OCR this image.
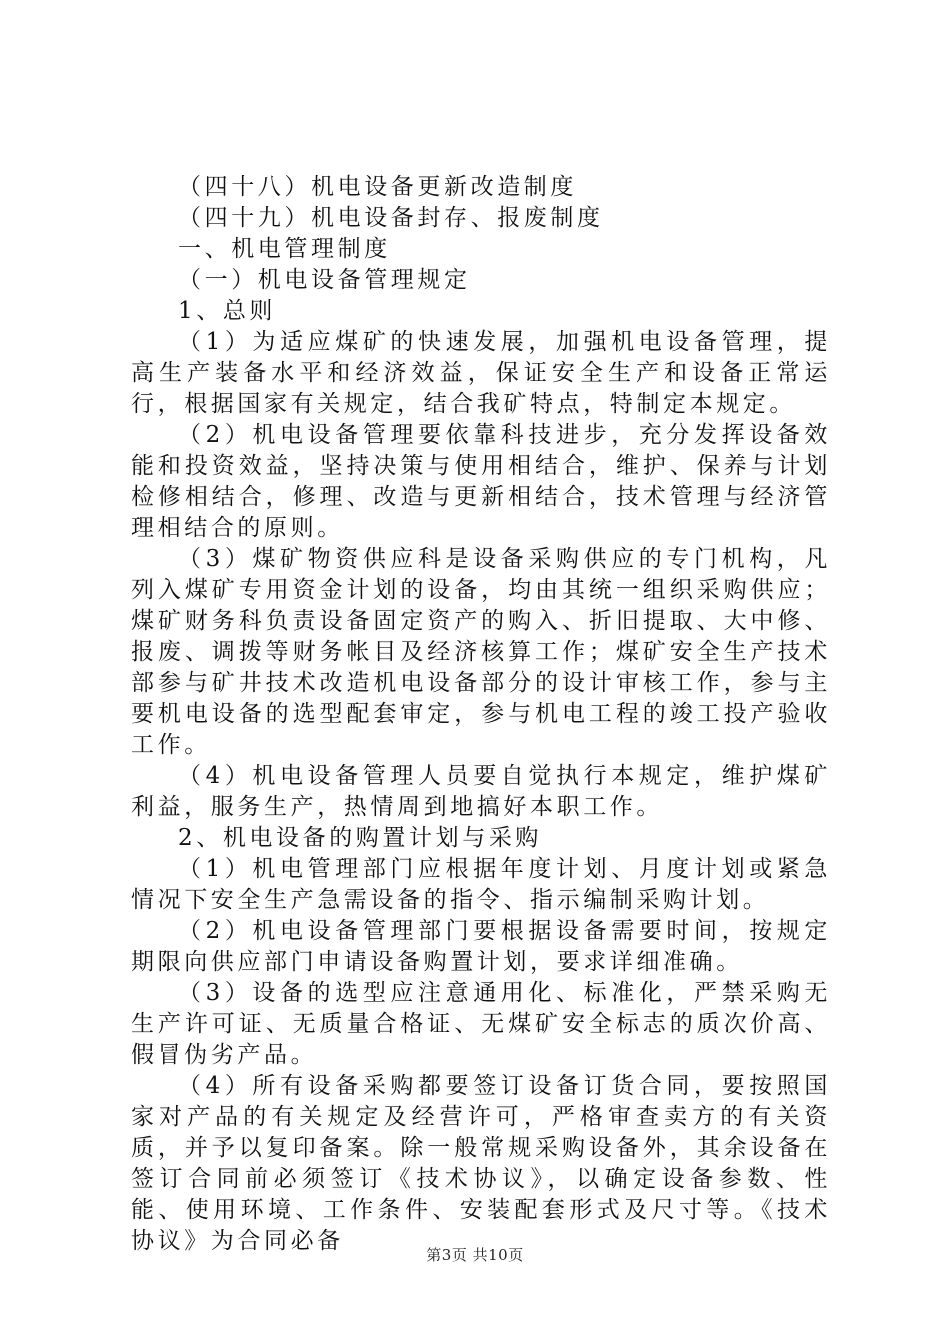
（四十八）机电设备更新改造制度

（四十九）机电设备封存、报废制度

一、机电管理制度

（一）机电设备管理规定

1、总则

（1）为适应煤矿的快速发展，加强机电设备管理，提高生产装备水平和经济效益，保证安全生产和设备正常运行，根据国家有关规定，结合我矿特点，特制定本规定。

（2）机电设备管理要依靠科技进步，充分发挥设备效能和投资效益，坚持决策与使用相结合，维护、保养与计划检修相结合，修理、改造与更新相结合，技术管理与经济管理相结合的原则。

（3）煤矿物资供应科是设备采购供应的专门机构，凡列入煤矿专用资金计划的设备，均由其统一组织采购供应；煤矿财务科负责设备固定资产的购入、折旧提取、大中修、报废、调拨等财务帐目及经济核算工作；煤矿安全生产技术部参与矿井技术改造机电设备部分的设计审核工作，参与主要机电设备的选型配套审定，参与机电工程的竣工投产验收工作。

（4）机电设备管理人员要自觉执行本规定，维护煤矿利益，服务生产，热情周到地搞好本职工作。

2、机电设备的购置计划与采购

（1）机电管理部门应根据年度计划、月度计划或紧急情况下安全生产急需设备的指令、指示编制采购计划。

（2）机电设备管理部门要根据设备需要时间，按规定期限向供应部门申请设备购置计划，要求详细准确。

（3）设备的选型应注意通用化、标准化，严禁采购无生产许可证、无质量合格证、无煤矿安全标志的质次价高、假冒伪劣产品。

（4）所有设备采购都要签订设备订货合同，要按照国家对产品的有关规定及经营许可，严格审查卖方的有关资质，并予以复印备案。除一般常规采购设备外，其余设备在签订合同前必须签订《技术协议》，以确定设备参数、性能、使用环境、工作条件、安装配套形式及尺寸等。《技术协议》为合同必备

第3页 共10页
